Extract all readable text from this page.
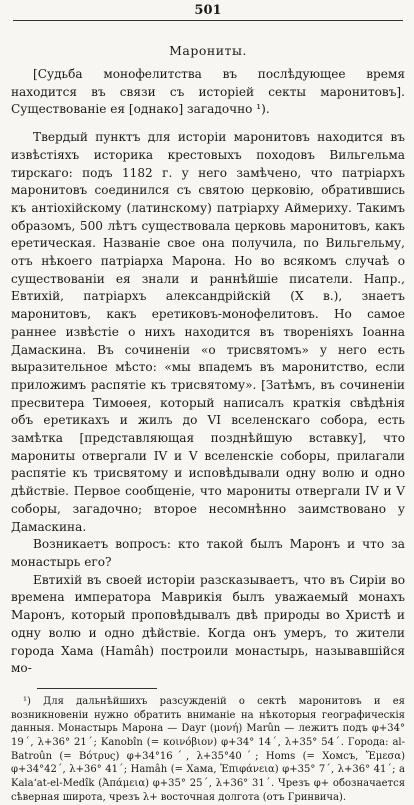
501
Марониты.

[Судьба монофелитства въ послѣдующее время находится въ связи съ исторіей секты маронитовъ]. Существованіе ея [однако] загадочно ¹).

Твердый пунктъ для исторіи маронитовъ находится въ извѣстіяхъ историка крестовыхъ походовъ Вильгельма тирскаго: подъ 1182 г. у него замѣчено, что патріархъ маронитовъ соединился съ святою церковію, обратившись къ антіохійскому (латинскому) патріарху Аймериху. Такимъ образомъ, 500 лѣтъ существовала церковь маронитовъ, какъ еретическая. Названіе свое она получила, по Вильгельму, отъ нѣкоего патріарха Марона. Но во всякомъ случаѣ о существованіи ея знали и раннѣйшіе писатели. Напр., Евтихій, патріархъ александрійскій (X в.), знаетъ маронитовъ, какъ еретиковъ-монофелитовъ. Но самое раннее извѣстіе о нихъ находится въ твореніяхъ Іоанна Дамаскина. Въ сочиненіи «о трисвятомъ» у него есть выразительное мѣсто: «мы впадемъ въ маронитство, если приложимъ распятіе къ трисвятому». [Затѣмъ, въ сочиненіи пресвитера Тимоѳея, который написалъ краткія свѣдѣнія объ еретикахъ и жилъ до VI вселенскаго собора, есть замѣтка [представляющая позднѣйшую вставку], что марониты отвергали IV и V вселенскіе соборы, прилагали распятіе къ трисвятому и исповѣдывали одну волю и одно дѣйствіе. Первое сообщеніе, что марониты отвергали IV и V соборы, загадочно; второе несомнѣнно заимствовано у Дамаскина.

Возникаетъ вопросъ: кто такой былъ Маронъ и что за монастырь его?

Евтихій въ своей исторіи разсказываетъ, что въ Сиріи во времена императора Маврикія былъ уважаемый монахъ Маронъ, который проповѣдывалъ двѣ природы во Христѣ и одну волю и одно дѣйствіе. Когда онъ умеръ, то жители города Хама (Hamâh) построили монастырь, называвшійся мо-

¹) Для дальнѣйшихъ разсужденій о сектѣ маронитовъ и ея возникновеніи нужно обратить вниманіе на нѣкоторыя географическія данныя. Монастырь Марона — Dayr (μονή) Marûn — лежитъ подъ φ+34° 19ˊ, λ+36° 21ˊ; Kanobîn (= κοινόβιον) φ+34° 14ˊ, λ+35° 54ˊ. Города: al-Batroûn (= Βότρυς) φ+34°16ˊ, λ+35°40ˊ; Homs (= Хомсъ, Ἔμεσα) φ+34°42ˊ, λ+36° 41ˊ; Hamâh (= Хама, Ἐπιφάνεια) φ+35° 7ˊ, λ+36° 41ˊ; а Kala‘at-el-Medîk (Ἀπάμεια) φ+35° 25ˊ, λ+36° 31ˊ. Чрезъ φ+ обозначается сѣверная широта, чрезъ λ+ восточная долгота (отъ Гринвича).
